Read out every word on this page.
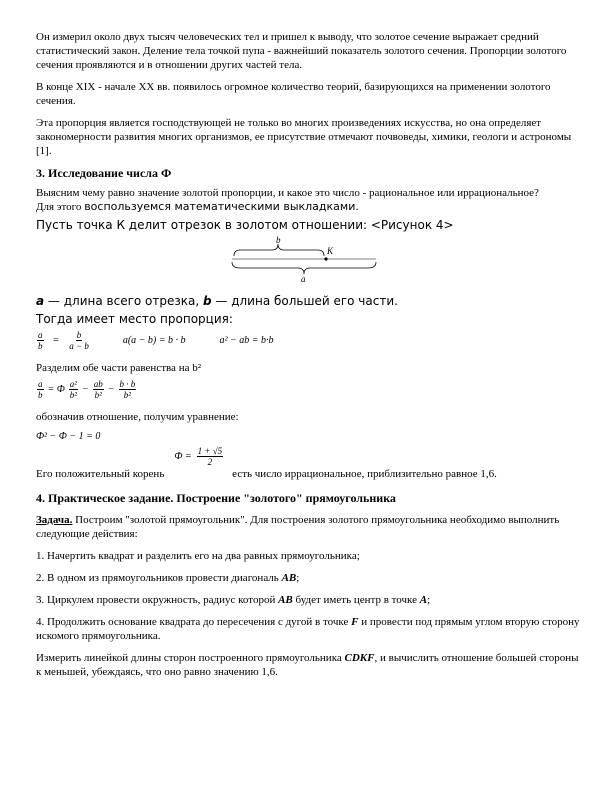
Он измерил около двух тысяч человеческих тел и пришел к выводу, что золотое сечение выражает средний статистический закон. Деление тела точкой пупа - важнейший показатель золотого сечения. Пропорции золотого сечения проявляются и в отношении других частей тела.

В конце XIX - начале XX вв. появилось огромное количество теорий, базирующихся на применении золотого сечения.

Эта пропорция является господствующей не только во многих произведениях искусства, но она определяет закономерности развития многих организмов, ее присутствие отмечают почвоведы, химики, геологи и астрономы [1].

3. Исследование числа Ф

Выясним чему равно значение золотой пропорции, и какое это число - рациональное или иррациональное?
Для этого воспользуемся математическими выкладками.

Пусть точка К делит отрезок в золотом отношении: <Рисунок 4>

b
K
a

a — длина всего отрезка, b — длина большей его части.

Тогда имеет место пропорция:

$\frac{a}{b} = \frac{b}{a - b}$	a(a − b) = b · b	a² − ab = b·b

Разделим обе части равенства на b²

$\frac{a}{b} = Ф \frac{\text{a²}}{\text{b²}} - \frac{ab}{\text{b²}} - \frac{b \cdot b}{\text{b²}}$

обозначив отношение, получим уравнение:

Ф² − Ф − 1 = 0

Его положительный корень
$Ф = \frac{1 + √5}{2}$
есть число иррациональное, приблизительно равное 1,6.
4. Практическое задание. Построение "золотого" прямоугольника

Задача. Построим "золотой прямоугольник". Для построения золотого прямоугольника необходимо выполнить следующие действия:

1. Начертить квадрат и разделить его на два равных прямоугольника;

2. В одном из прямоугольников провести диагональ AB;

3. Циркулем провести окружность, радиус которой AB будет иметь центр в точке A;

4. Продолжить основание квадрата до пересечения с дугой в точке F и провести под прямым углом вторую сторону искомого прямоугольника.

Измерить линейкой длины сторон построенного прямоугольника CDKF, и вычислить отношение большей стороны к меньшей, убеждаясь, что оно равно значению 1,6.
